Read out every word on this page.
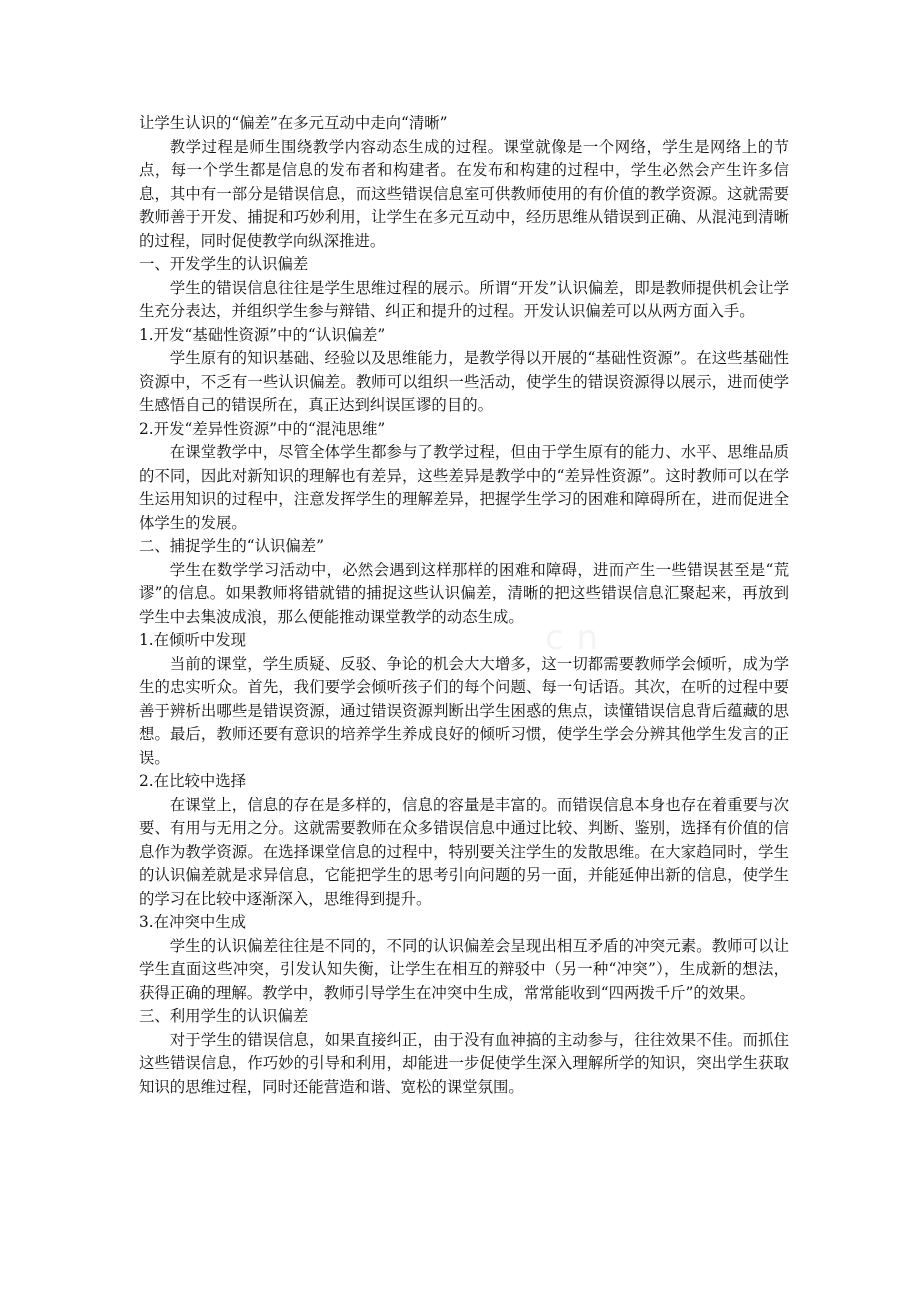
让学生认识的“偏差”在多元互动中走向“清晰”

教学过程是师生围绕教学内容动态生成的过程。课堂就像是一个网络，学生是网络上的节点，每一个学生都是信息的发布者和构建者。在发布和构建的过程中，学生必然会产生许多信息，其中有一部分是错误信息，而这些错误信息室可供教师使用的有价值的教学资源。这就需要教师善于开发、捕捉和巧妙利用，让学生在多元互动中，经历思维从错误到正确、从混沌到清晰的过程，同时促使教学向纵深推进。

一、开发学生的认识偏差

学生的错误信息往往是学生思维过程的展示。所谓“开发”认识偏差，即是教师提供机会让学生充分表达，并组织学生参与辩错、纠正和提升的过程。开发认识偏差可以从两方面入手。

1.开发“基础性资源”中的“认识偏差”

学生原有的知识基础、经验以及思维能力，是教学得以开展的“基础性资源”。在这些基础性资源中，不乏有一些认识偏差。教师可以组织一些活动，使学生的错误资源得以展示，进而使学生感悟自己的错误所在，真正达到纠误匡谬的目的。

2.开发“差异性资源”中的“混沌思维”

在课堂教学中，尽管全体学生都参与了教学过程，但由于学生原有的能力、水平、思维品质的不同，因此对新知识的理解也有差异，这些差异是教学中的“差异性资源”。这时教师可以在学生运用知识的过程中，注意发挥学生的理解差异，把握学生学习的困难和障碍所在，进而促进全体学生的发展。

二、捕捉学生的“认识偏差”

学生在数学学习活动中，必然会遇到这样那样的困难和障碍，进而产生一些错误甚至是“荒谬”的信息。如果教师将错就错的捕捉这些认识偏差，清晰的把这些错误信息汇聚起来，再放到学生中去集波成浪，那么便能推动课堂教学的动态生成。

1.在倾听中发现

当前的课堂，学生质疑、反驳、争论的机会大大增多，这一切都需要教师学会倾听，成为学生的忠实听众。首先，我们要学会倾听孩子们的每个问题、每一句话语。其次，在听的过程中要善于辨析出哪些是错误资源，通过错误资源判断出学生困惑的焦点，读懂错误信息背后蕴藏的思想。最后，教师还要有意识的培养学生养成良好的倾听习惯，使学生学会分辨其他学生发言的正误。

2.在比较中选择

在课堂上，信息的存在是多样的，信息的容量是丰富的。而错误信息本身也存在着重要与次要、有用与无用之分。这就需要教师在众多错误信息中通过比较、判断、鉴别，选择有价值的信息作为教学资源。在选择课堂信息的过程中，特别要关注学生的发散思维。在大家趋同时，学生的认识偏差就是求异信息，它能把学生的思考引向问题的另一面，并能延伸出新的信息，使学生的学习在比较中逐渐深入，思维得到提升。

3.在冲突中生成

学生的认识偏差往往是不同的，不同的认识偏差会呈现出相互矛盾的冲突元素。教师可以让学生直面这些冲突，引发认知失衡，让学生在相互的辩驳中（另一种“冲突”），生成新的想法，获得正确的理解。教学中，教师引导学生在冲突中生成，常常能收到“四两拨千斤”的效果。

三、利用学生的认识偏差

对于学生的错误信息，如果直接纠正，由于没有血神搞的主动参与，往往效果不佳。而抓住这些错误信息，作巧妙的引导和利用，却能进一步促使学生深入理解所学的知识，突出学生获取知识的思维过程，同时还能营造和谐、宽松的课堂氛围。

c n
